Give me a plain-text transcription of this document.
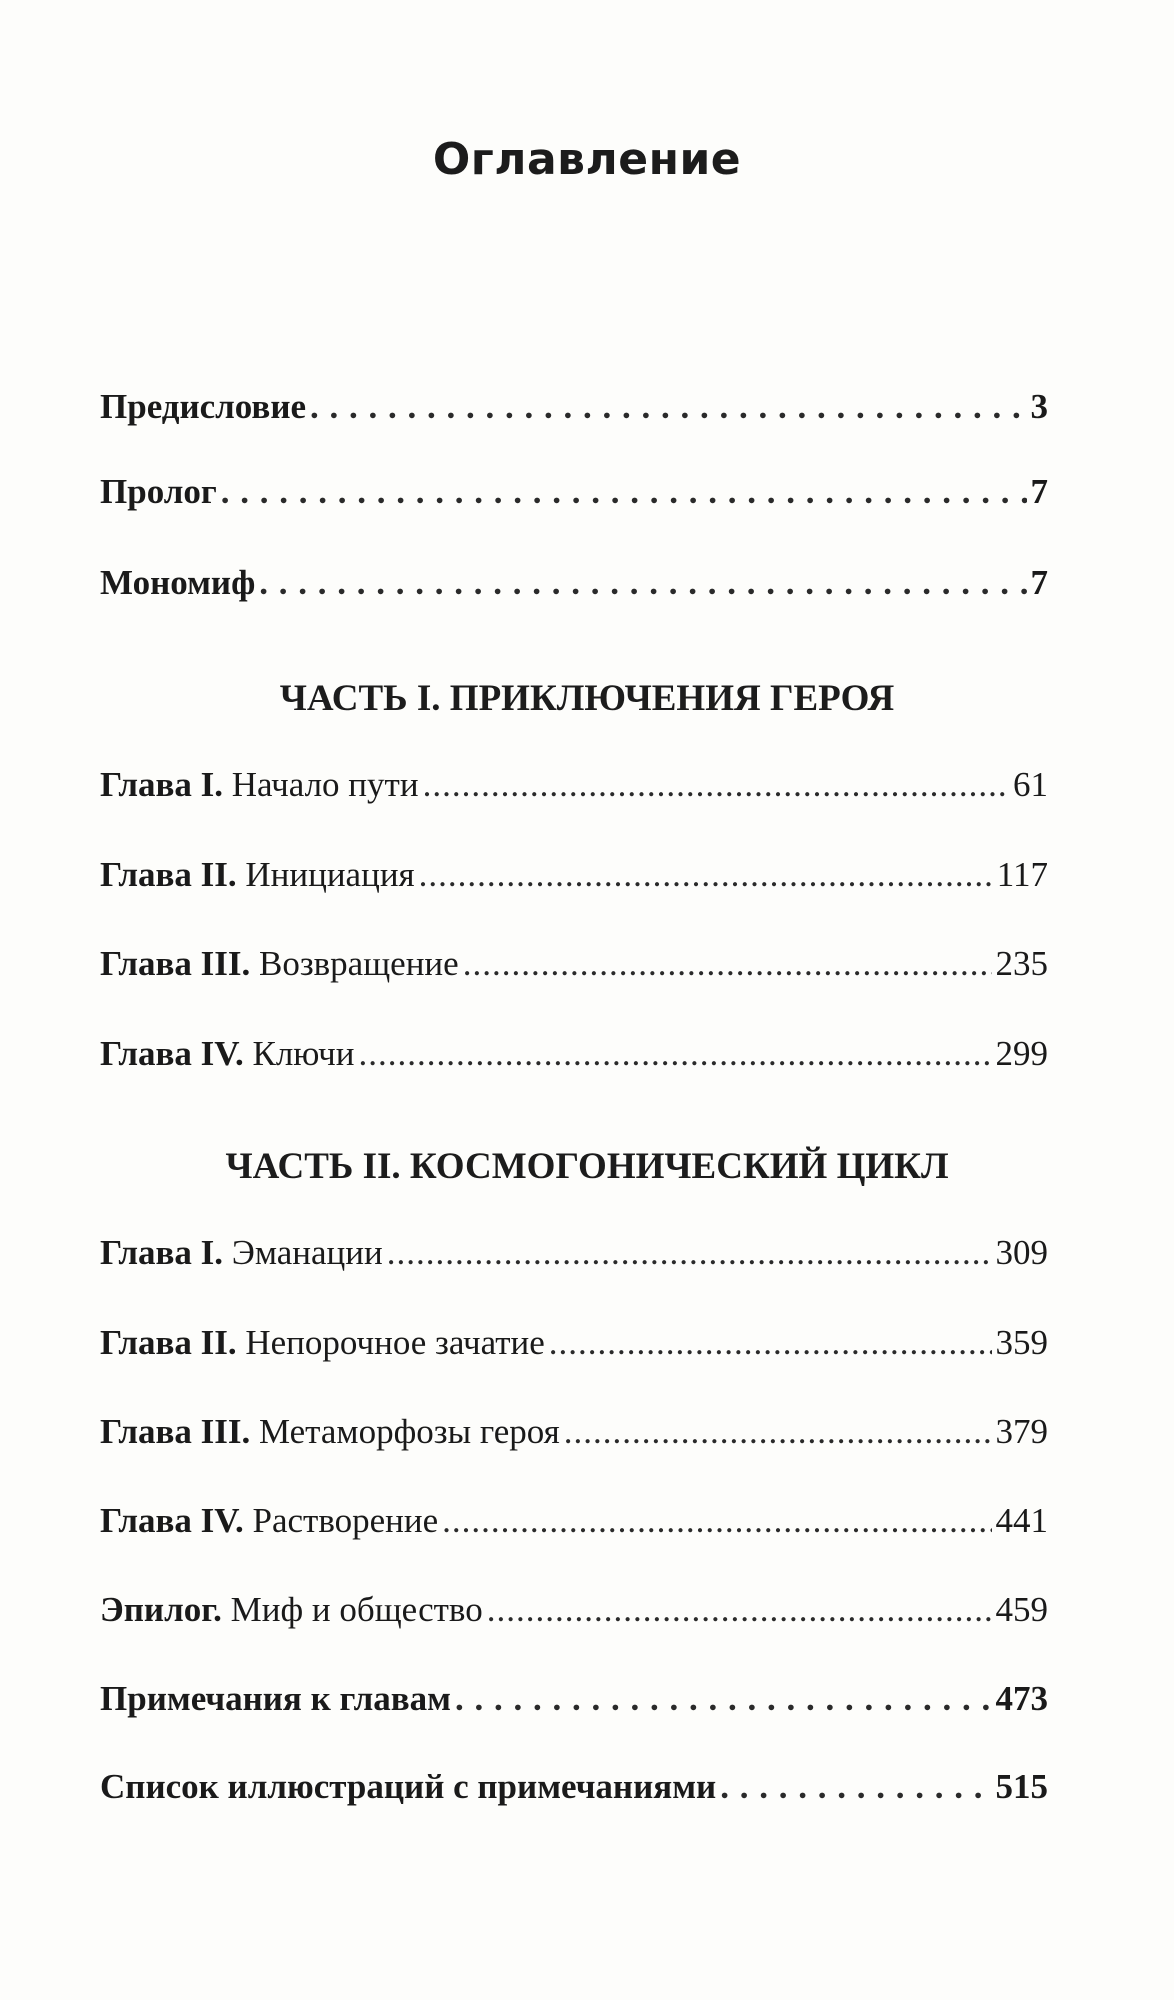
Оглавление
Предисловие . . .	3
Пролог . . .	7
Мономиф . . .	7
ЧАСТЬ I. ПРИКЛЮЧЕНИЯ ГЕРОЯ
Глава I. Начало пути .....	61
Глава II. Инициация .....	117
Глава III. Возвращение .....	235
Глава IV. Ключи .....	299
ЧАСТЬ II. КОСМОГОНИЧЕСКИЙ ЦИКЛ
Глава I. Эманации .....	309
Глава II. Непорочное зачатие .....	359
Глава III. Метаморфозы героя .....	379
Глава IV. Растворение .....	441
Эпилог. Миф и общество .....	459
Примечания к главам . . .	473
Список иллюстраций с примечаниями . . .	515
